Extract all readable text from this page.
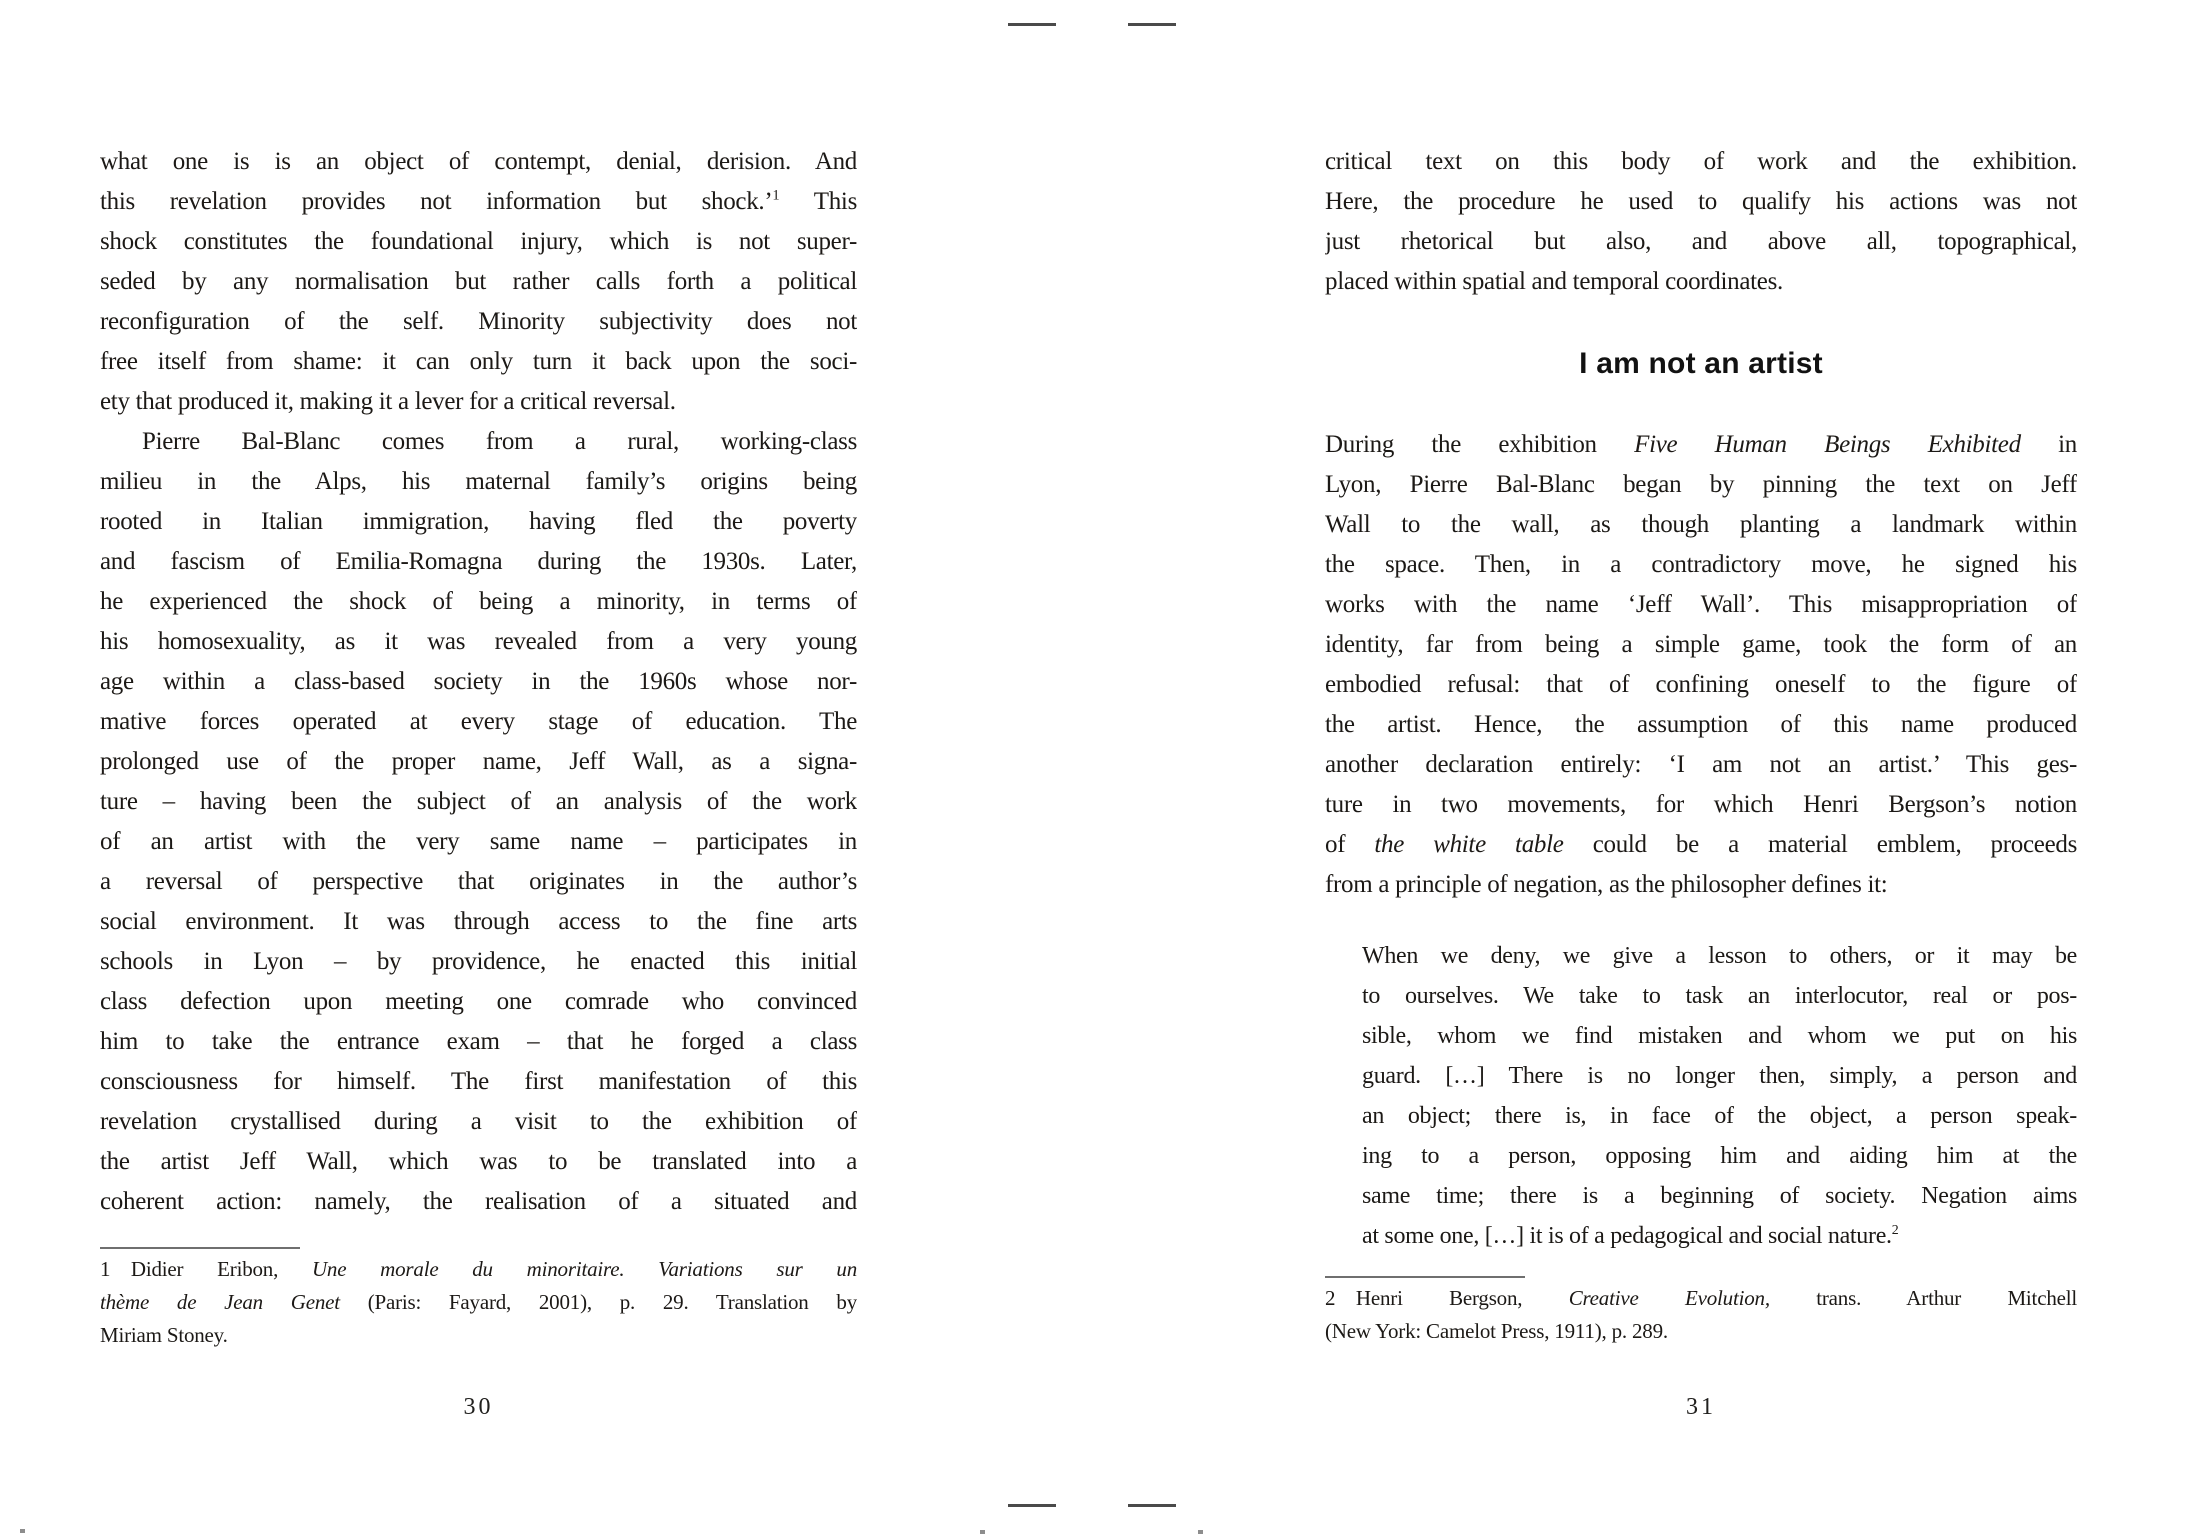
what one is is an object of contempt, denial, derision. And
this revelation provides not information but shock.’$^1$ This
shock constitutes the foundational injury, which is not super-
seded by any normalisation but rather calls forth a political
reconfiguration of the self. Minority subjectivity does not
free itself from shame: it can only turn it back upon the soci-
ety that produced it, making it a lever for a critical reversal.
Pierre Bal-Blanc comes from a rural, working-class
milieu in the Alps, his maternal family’s origins being
rooted in Italian immigration, having fled the poverty
and fascism of Emilia-Romagna during the 1930s. Later,
he experienced the shock of being a minority, in terms of
his homosexuality, as it was revealed from a very young
age within a class-based society in the 1960s whose nor-
mative forces operated at every stage of education. The
prolonged use of the proper name, Jeff Wall, as a signa-
ture – having been the subject of an analysis of the work
of an artist with the very same name – participates in
a reversal of perspective that originates in the author’s
social environment. It was through access to the fine arts
schools in Lyon – by providence, he enacted this initial
class defection upon meeting one comrade who convinced
him to take the entrance exam – that he forged a class
consciousness for himself. The first manifestation of this
revelation crystallised during a visit to the exhibition of
the artist Jeff Wall, which was to be translated into a
coherent action: namely, the realisation of a situated and
1  Didier Eribon, Une morale du minoritaire. Variations sur un
thème de Jean Genet (Paris: Fayard, 2001), p. 29. Translation by
Miriam Stoney.
30
critical text on this body of work and the exhibition.
Here, the procedure he used to qualify his actions was not
just rhetorical but also, and above all, topographical,
placed within spatial and temporal coordinates.
I am not an artist
During the exhibition Five Human Beings Exhibited in
Lyon, Pierre Bal-Blanc began by pinning the text on Jeff
Wall to the wall, as though planting a landmark within
the space. Then, in a contradictory move, he signed his
works with the name ‘Jeff Wall’. This misappropriation of
identity, far from being a simple game, took the form of an
embodied refusal: that of confining oneself to the figure of
the artist. Hence, the assumption of this name produced
another declaration entirely: ‘I am not an artist.’ This ges-
ture in two movements, for which Henri Bergson’s notion
of the white table could be a material emblem, proceeds
from a principle of negation, as the philosopher defines it:
When we deny, we give a lesson to others, or it may be
to ourselves. We take to task an interlocutor, real or pos-
sible, whom we find mistaken and whom we put on his
guard. […] There is no longer then, simply, a person and
an object; there is, in face of the object, a person speak-
ing to a person, opposing him and aiding him at the
same time; there is a beginning of society. Negation aims
at some one, […] it is of a pedagogical and social nature.$^2$
2  Henri Bergson, Creative Evolution, trans. Arthur Mitchell
(New York: Camelot Press, 1911), p. 289.
31
